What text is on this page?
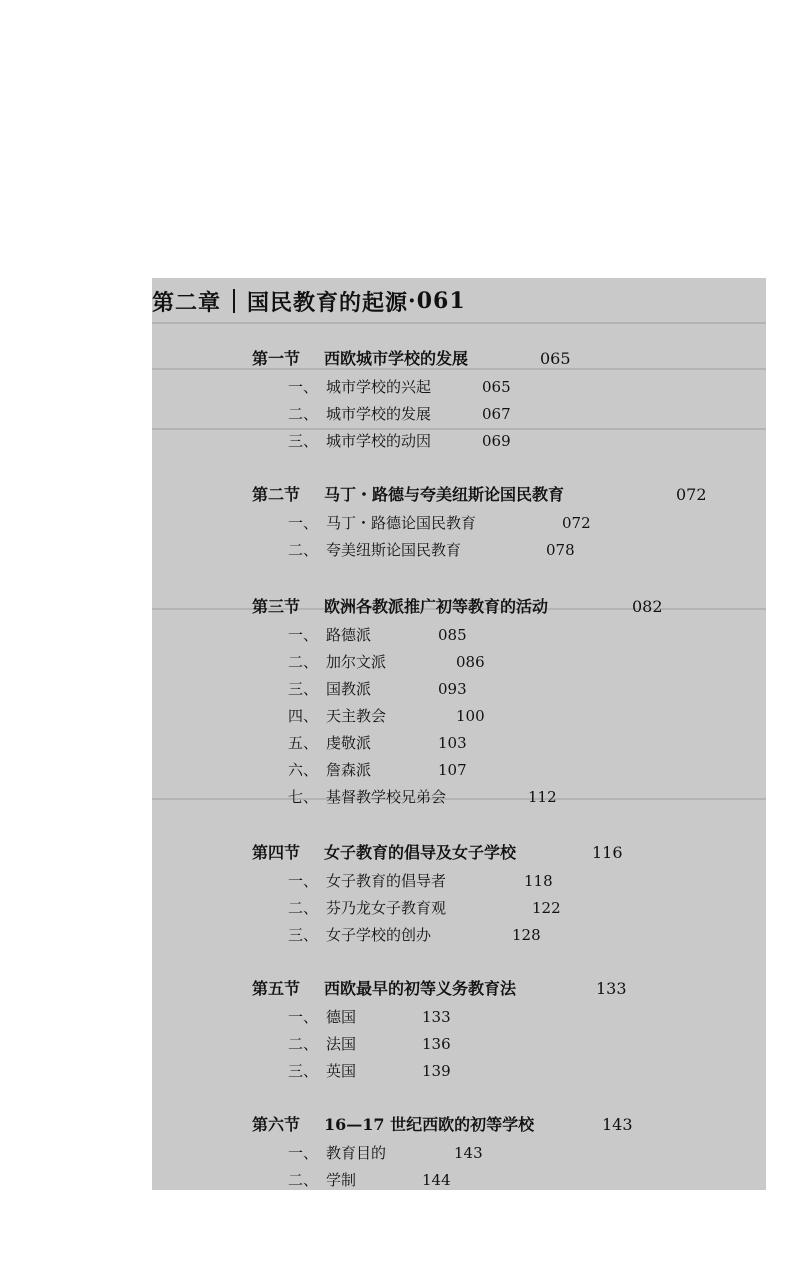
第二章 国民教育的起源 · 061
第一节 西欧城市学校的发展	065
一、 城市学校的兴起	065
二、 城市学校的发展	067
三、 城市学校的动因	069
第二节 马丁・路德与夸美纽斯论国民教育	072
一、 马丁・路德论国民教育	072
二、 夸美纽斯论国民教育	078
第三节 欧洲各教派推广初等教育的活动	082
一、 路德派	085
二、 加尔文派	086
三、 国教派	093
四、 天主教会	100
五、 虔敬派	103
六、 詹森派	107
七、 基督教学校兄弟会	112
第四节 女子教育的倡导及女子学校	116
一、 女子教育的倡导者	118
二、 芬乃龙女子教育观	122
三、 女子学校的创办	128
第五节 西欧最早的初等义务教育法	133
一、 德国	133
二、 法国	136
三、 英国	139
第六节 16—17 世纪西欧的初等学校	143
一、 教育目的	143
二、 学制	144
